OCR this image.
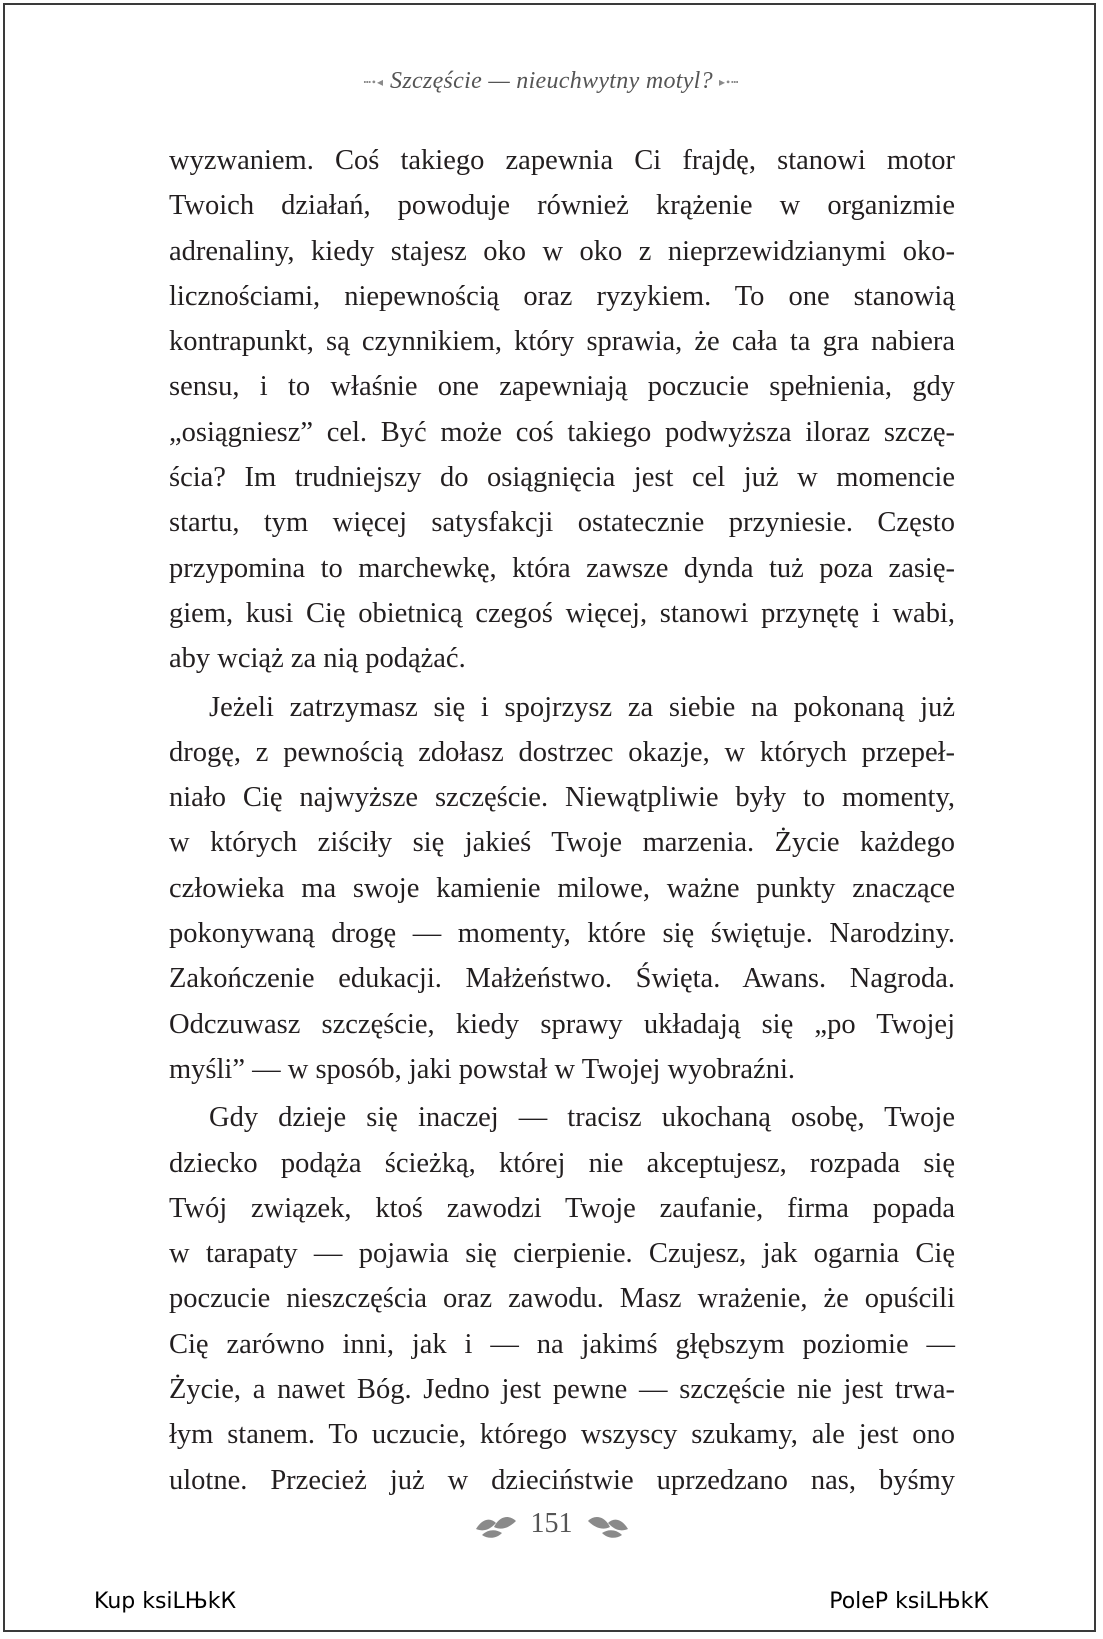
┅•◂ Szczęście — nieuchwytny motyl? ▸•┅
wyzwaniem. Coś takiego zapewnia Ci frajdę, stanowi motor
Twoich działań, powoduje również krążenie w organizmie
adrenaliny, kiedy stajesz oko w oko z nieprzewidzianymi oko-
licznościami, niepewnością oraz ryzykiem. To one stanowią
kontrapunkt, są czynnikiem, który sprawia, że cała ta gra nabiera
sensu, i to właśnie one zapewniają poczucie spełnienia, gdy
„osiągniesz” cel. Być może coś takiego podwyższa iloraz szczę-
ścia? Im trudniejszy do osiągnięcia jest cel już w momencie
startu, tym więcej satysfakcji ostatecznie przyniesie. Często
przypomina to marchewkę, która zawsze dynda tuż poza zasię-
giem, kusi Cię obietnicą czegoś więcej, stanowi przynętę i wabi,
aby wciąż za nią podążać.
Jeżeli zatrzymasz się i spojrzysz za siebie na pokonaną już
drogę, z pewnością zdołasz dostrzec okazje, w których przepeł-
niało Cię najwyższe szczęście. Niewątpliwie były to momenty,
w których ziściły się jakieś Twoje marzenia. Życie każdego
człowieka ma swoje kamienie milowe, ważne punkty znaczące
pokonywaną drogę — momenty, które się świętuje. Narodziny.
Zakończenie edukacji. Małżeństwo. Święta. Awans. Nagroda.
Odczuwasz szczęście, kiedy sprawy układają się „po Twojej
myśli” — w sposób, jaki powstał w Twojej wyobraźni.
Gdy dzieje się inaczej — tracisz ukochaną osobę, Twoje
dziecko podąża ścieżką, której nie akceptujesz, rozpada się
Twój związek, ktoś zawodzi Twoje zaufanie, firma popada
w tarapaty — pojawia się cierpienie. Czujesz, jak ogarnia Cię
poczucie nieszczęścia oraz zawodu. Masz wrażenie, że opuścili
Cię zarówno inni, jak i — na jakimś głębszym poziomie —
Życie, a nawet Bóg. Jedno jest pewne — szczęście nie jest trwa-
łym stanem. To uczucie, którego wszyscy szukamy, ale jest ono
ulotne. Przecież już w dzieciństwie uprzedzano nas, byśmy
151
Kup ksiLЊkК	PoleР ksiLЊkК
